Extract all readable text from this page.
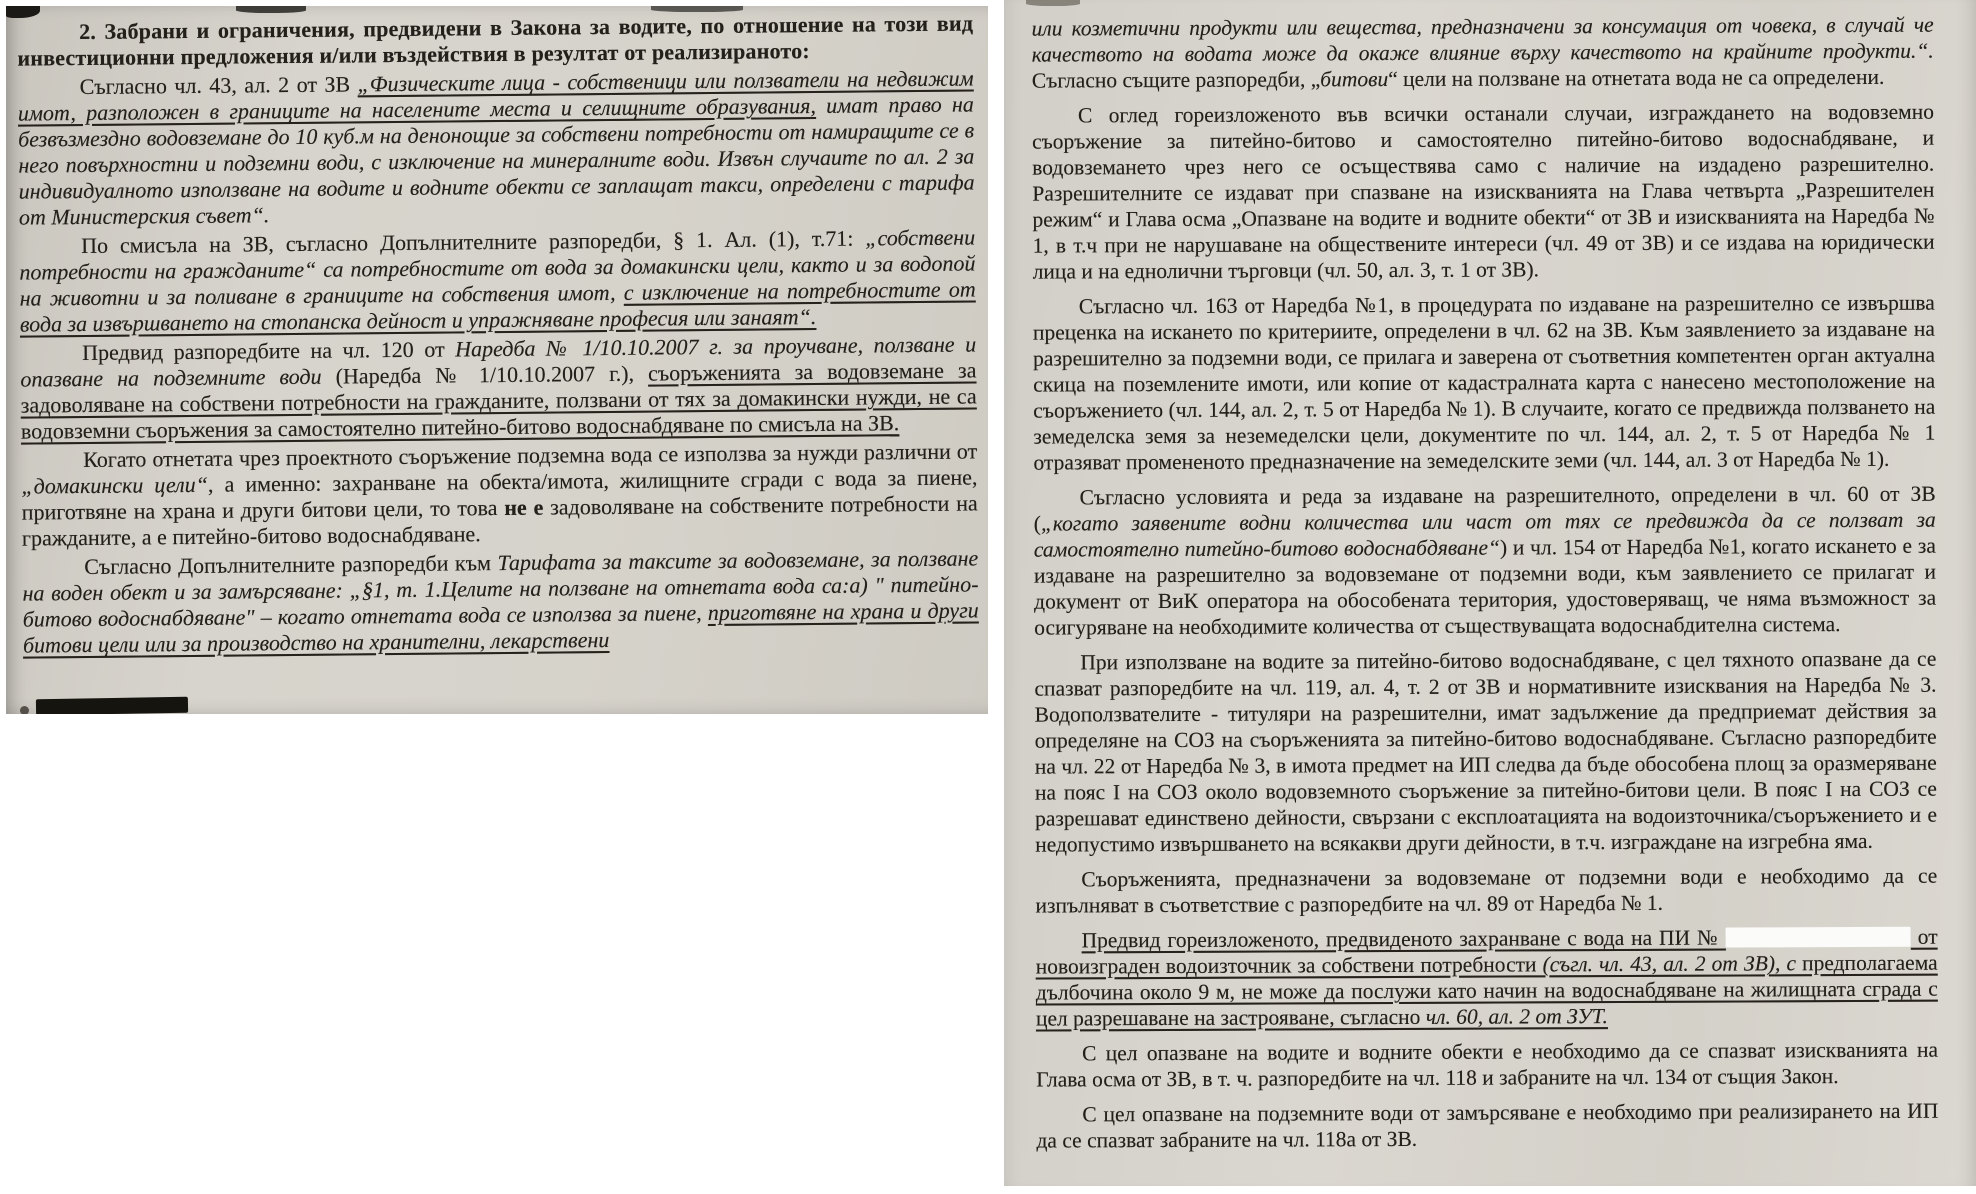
2. Забрани и ограничения, предвидени в Закона за водите, по отношение на този вид инвестиционни предложения и/или въздействия в резултат от реализираното:

Съгласно чл. 43, ал. 2 от ЗВ „Физическите лица - собственици или ползватели на недвижим имот, разположен в границите на населените места и селищните образувания, имат право на безвъзмездно водовземане до 10 куб.м на денонощие за собствени потребности от намиращите се в него повърхностни и подземни води, с изключение на минералните води. Извън случаите по ал. 2 за индивидуалното използване на водите и водните обекти се заплащат такси, определени с тарифа от Министерския съвет“.

По смисъла на ЗВ, съгласно Допълнителните разпоредби, § 1. Ал. (1), т.71: „собствени потребности на гражданите“ са потребностите от вода за домакински цели, както и за водопой на животни и за поливане в границите на собствения имот, с изключение на потребностите от вода за извършването на стопанска дейност и упражняване професия или занаят“.

Предвид разпоредбите на чл. 120 от Наредба № 1/10.10.2007 г. за проучване, ползване и опазване на подземните води (Наредба № 1/10.10.2007 г.), съоръженията за водовземане за задоволяване на собствени потребности на гражданите, ползвани от тях за домакински нужди, не са водовземни съоръжения за самостоятелно питейно-битово водоснабдяване по смисъла на ЗВ.

Когато отнетата чрез проектното съоръжение подземна вода се използва за нужди различни от „домакински цели“, а именно: захранване на обекта/имота, жилищните сгради с вода за пиене, приготвяне на храна и други битови цели, то това не е задоволяване на собствените потребности на гражданите, а е питейно-битово водоснабдяване.

Съгласно Допълнителните разпоредби към Тарифата за таксите за водовземане, за ползване на воден обект и за замърсяване: „§1, т. 1.Целите на ползване на отнетата вода са:а) " питейно-битово водоснабдяване" – когато отнетата вода се използва за пиене, приготвяне на храна и други битови цели или за производство на хранителни, лекарствени

или козметични продукти или вещества, предназначени за консумация от човека, в случай че качеството на водата може да окаже влияние върху качеството на крайните продукти.“. Съгласно същите разпоредби, „битови“ цели на ползване на отнетата вода не са определени.

С оглед гореизложеното във всички останали случаи, изграждането на водовземно съоръжение за питейно-битово и самостоятелно питейно-битово водоснабдяване, и водовземането чрез него се осъществява само с наличие на издадено разрешително. Разрешителните се издават при спазване на изискванията на Глава четвърта „Разрешителен режим“ и Глава осма „Опазване на водите и водните обекти“ от ЗВ и изискванията на Наредба № 1, в т.ч при не нарушаване на обществените интереси (чл. 49 от ЗВ) и се издава на юридически лица и на еднолични търговци (чл. 50, ал. 3, т. 1 от ЗВ).

Съгласно чл. 163 от Наредба №1, в процедурата по издаване на разрешително се извършва преценка на искането по критериите, определени в чл. 62 на ЗВ. Към заявлението за издаване на разрешително за подземни води, се прилага и заверена от съответния компетентен орган актуална скица на поземлените имоти, или копие от кадастралната карта с нанесено местоположение на съоръжението (чл. 144, ал. 2, т. 5 от Наредба № 1). В случаите, когато се предвижда ползването на земеделска земя за неземеделски цели, документите по чл. 144, ал. 2, т. 5 от Наредба № 1 отразяват промененото предназначение на земеделските земи (чл. 144, ал. 3 от Наредба № 1).

Съгласно условията и реда за издаване на разрешителното, определени в чл. 60 от ЗВ („когато заявените водни количества или част от тях се предвижда да се ползват за самостоятелно питейно-битово водоснабдяване“) и чл. 154 от Наредба №1, когато искането е за издаване на разрешително за водовземане от подземни води, към заявлението се прилагат и документ от ВиК оператора на обособената територия, удостоверяващ, че няма възможност за осигуряване на необходимите количества от съществуващата водоснабдителна система.

При използване на водите за питейно-битово водоснабдяване, с цел тяхното опазване да се спазват разпоредбите на чл. 119, ал. 4, т. 2 от ЗВ и нормативните изисквания на Наредба № 3. Водоползвателите - титуляри на разрешителни, имат задължение да предприемат действия за определяне на СОЗ на съоръженията за питейно-битово водоснабдяване. Съгласно разпоредбите на чл. 22 от Наредба № 3, в имота предмет на ИП следва да бъде обособена площ за оразмеряване на пояс I на СОЗ около водовземното съоръжение за питейно-битови цели. В пояс I на СОЗ се разрешават единствено дейности, свързани с експлоатацията на водоизточника/съоръжението и е недопустимо извършването на всякакви други дейности, в т.ч. изграждане на изгребна яма.

Съоръженията, предназначени за водовземане от подземни води е необходимо да се изпълняват в съответствие с разпоредбите на чл. 89 от Наредба № 1.

Предвид гореизложеното, предвиденото захранване с вода на ПИ №	от новоизграден водоизточник за собствени потребности (съгл. чл. 43, ал. 2 от ЗВ), с предполагаема дълбочина около 9 м, не може да послужи като начин на водоснабдяване на жилищната сграда с цел разрешаване на застрояване, съгласно чл. 60, ал. 2 от ЗУТ.

С цел опазване на водите и водните обекти е необходимо да се спазват изискванията на Глава осма от ЗВ, в т. ч. разпоредбите на чл. 118 и забраните на чл. 134 от същия Закон.

С цел опазване на подземните води от замърсяване е необходимо при реализирането на ИП да се спазват забраните на чл. 118а от ЗВ.
